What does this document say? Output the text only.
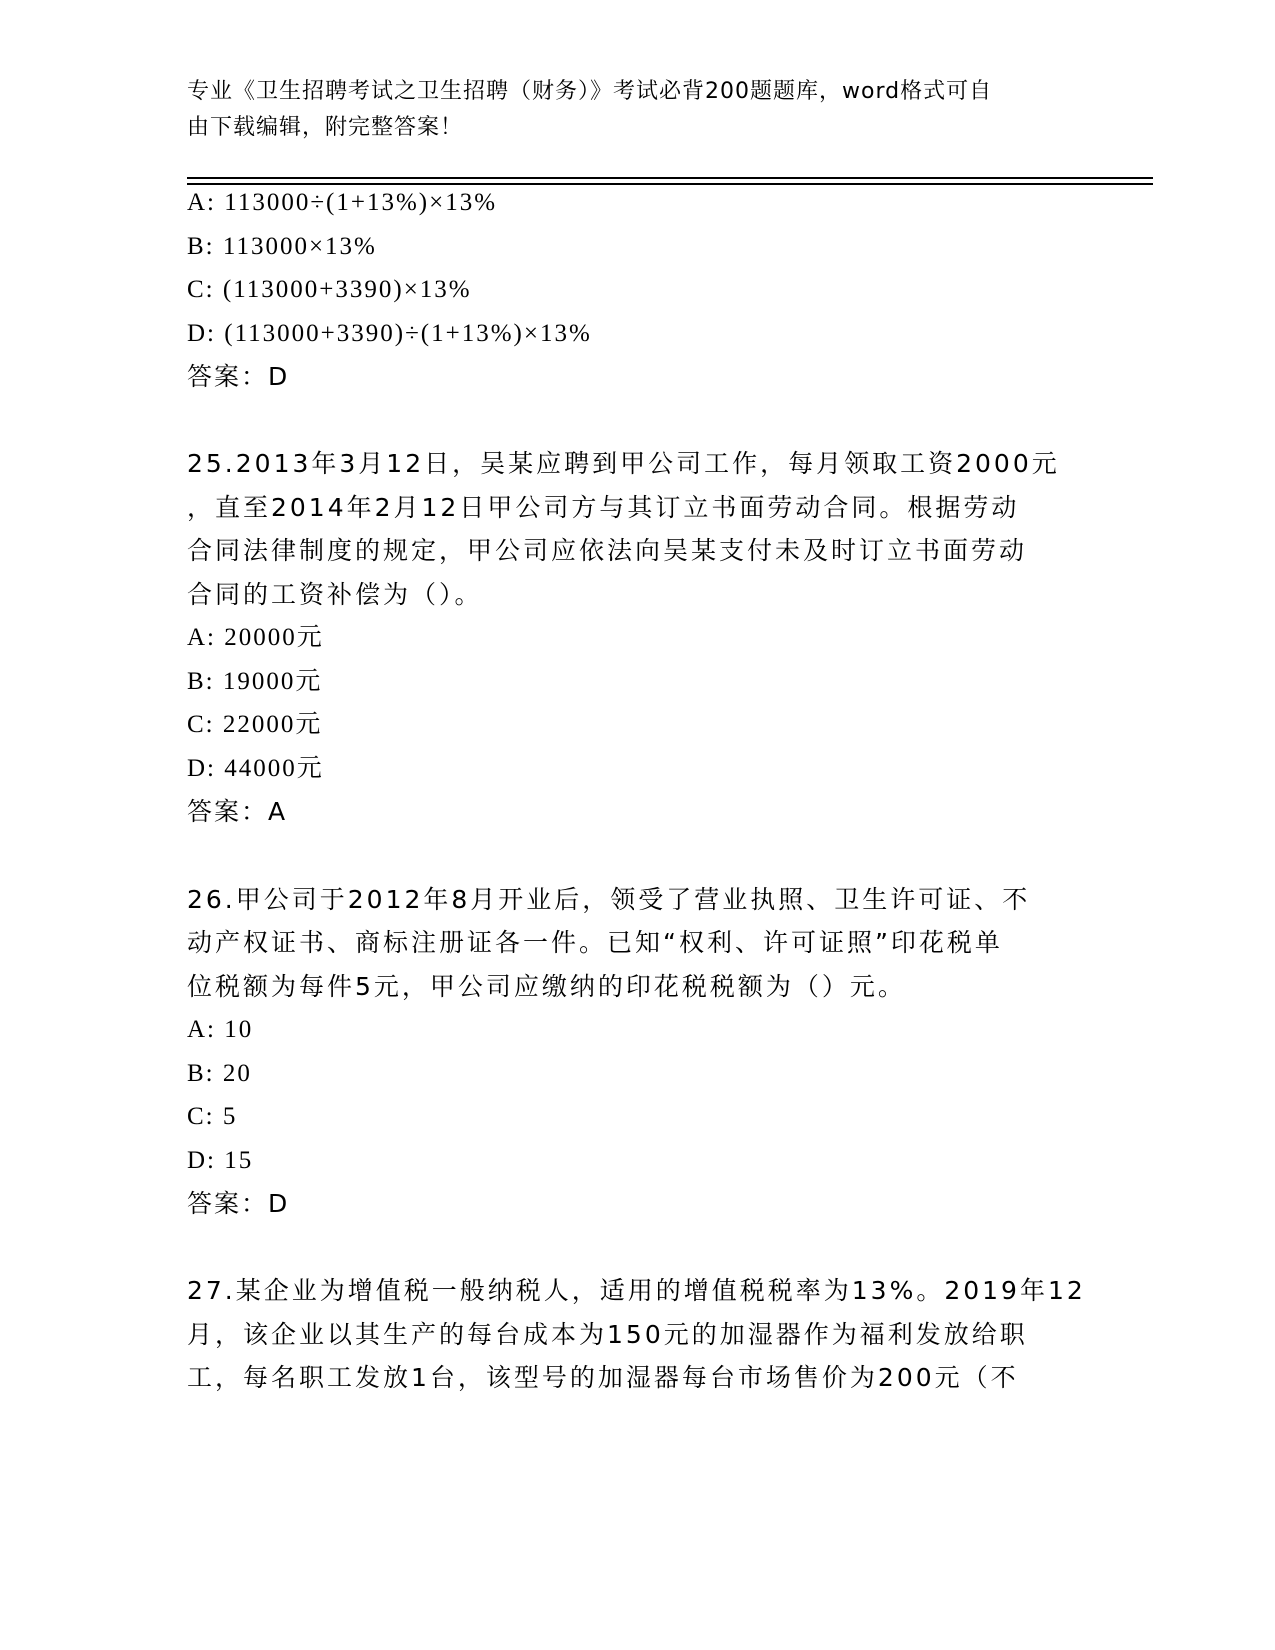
专业《卫生招聘考试之卫生招聘（财务）》考试必背200题题库，word格式可自
由下载编辑，附完整答案！
A: 113000÷(1+13%)×13%
B: 113000×13%
C: (113000+3390)×13%
D: (113000+3390)÷(1+13%)×13%
答案：D
25.2013年3月12日，吴某应聘到甲公司工作，每月领取工资2000元
，直至2014年2月12日甲公司方与其订立书面劳动合同。根据劳动
合同法律制度的规定，甲公司应依法向吴某支付未及时订立书面劳动
合同的工资补偿为（）。
A: 20000元
B: 19000元
C: 22000元
D: 44000元
答案：A
26.甲公司于2012年8月开业后，领受了营业执照、卫生许可证、不
动产权证书、商标注册证各一件。已知“权利、许可证照”印花税单
位税额为每件5元，甲公司应缴纳的印花税税额为（）元。
A: 10
B: 20
C: 5
D: 15
答案：D
27.某企业为增值税一般纳税人，适用的增值税税率为13%。2019年12
月，该企业以其生产的每台成本为150元的加湿器作为福利发放给职
工，每名职工发放1台，该型号的加湿器每台市场售价为200元（不
